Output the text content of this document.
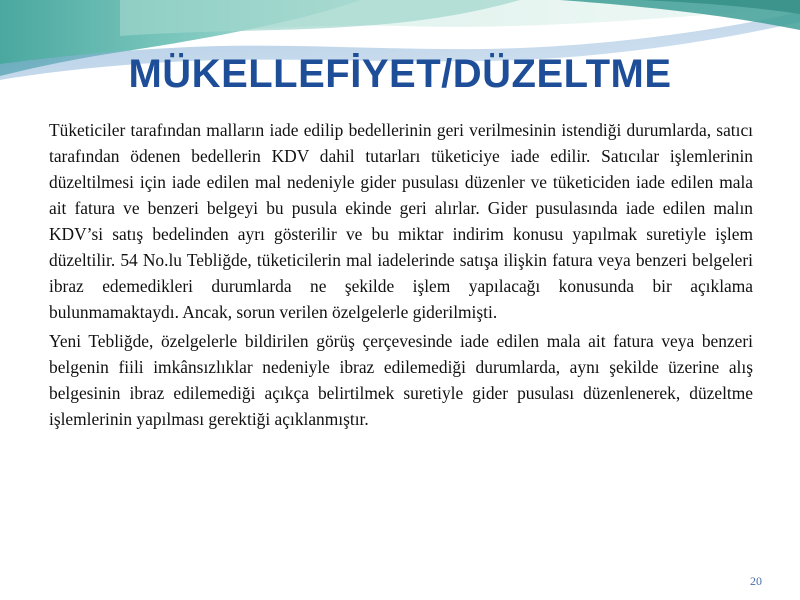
MÜKELLEFİYET/DÜZELTME

Tüketiciler tarafından malların iade edilip bedellerinin geri verilmesinin istendiği durumlarda, satıcı tarafından ödenen bedellerin KDV dahil tutarları tüketiciye iade edilir. Satıcılar işlemlerinin düzeltilmesi için iade edilen mal nedeniyle gider pusulası düzenler ve tüketiciden iade edilen mala ait fatura ve benzeri belgeyi bu pusula ekinde geri alırlar. Gider pusulasında iade edilen malın KDV’si satış bedelinden ayrı gösterilir ve bu miktar indirim konusu yapılmak suretiyle işlem düzeltilir. 54 No.lu Tebliğde, tüketicilerin mal iadelerinde satışa ilişkin fatura veya benzeri belgeleri ibraz edemedikleri durumlarda ne şekilde işlem yapılacağı konusunda bir açıklama bulunmamaktaydı. Ancak, sorun verilen özelgelerle giderilmişti.

Yeni Tebliğde, özelgelerle bildirilen görüş çerçevesinde iade edilen mala ait fatura veya benzeri belgenin fiili imkânsızlıklar nedeniyle ibraz edilemediği durumlarda, aynı şekilde üzerine alış belgesinin ibraz edilemediği açıkça belirtilmek suretiyle gider pusulası düzenlenerek, düzeltme işlemlerinin yapılması gerektiği açıklanmıştır.

20
